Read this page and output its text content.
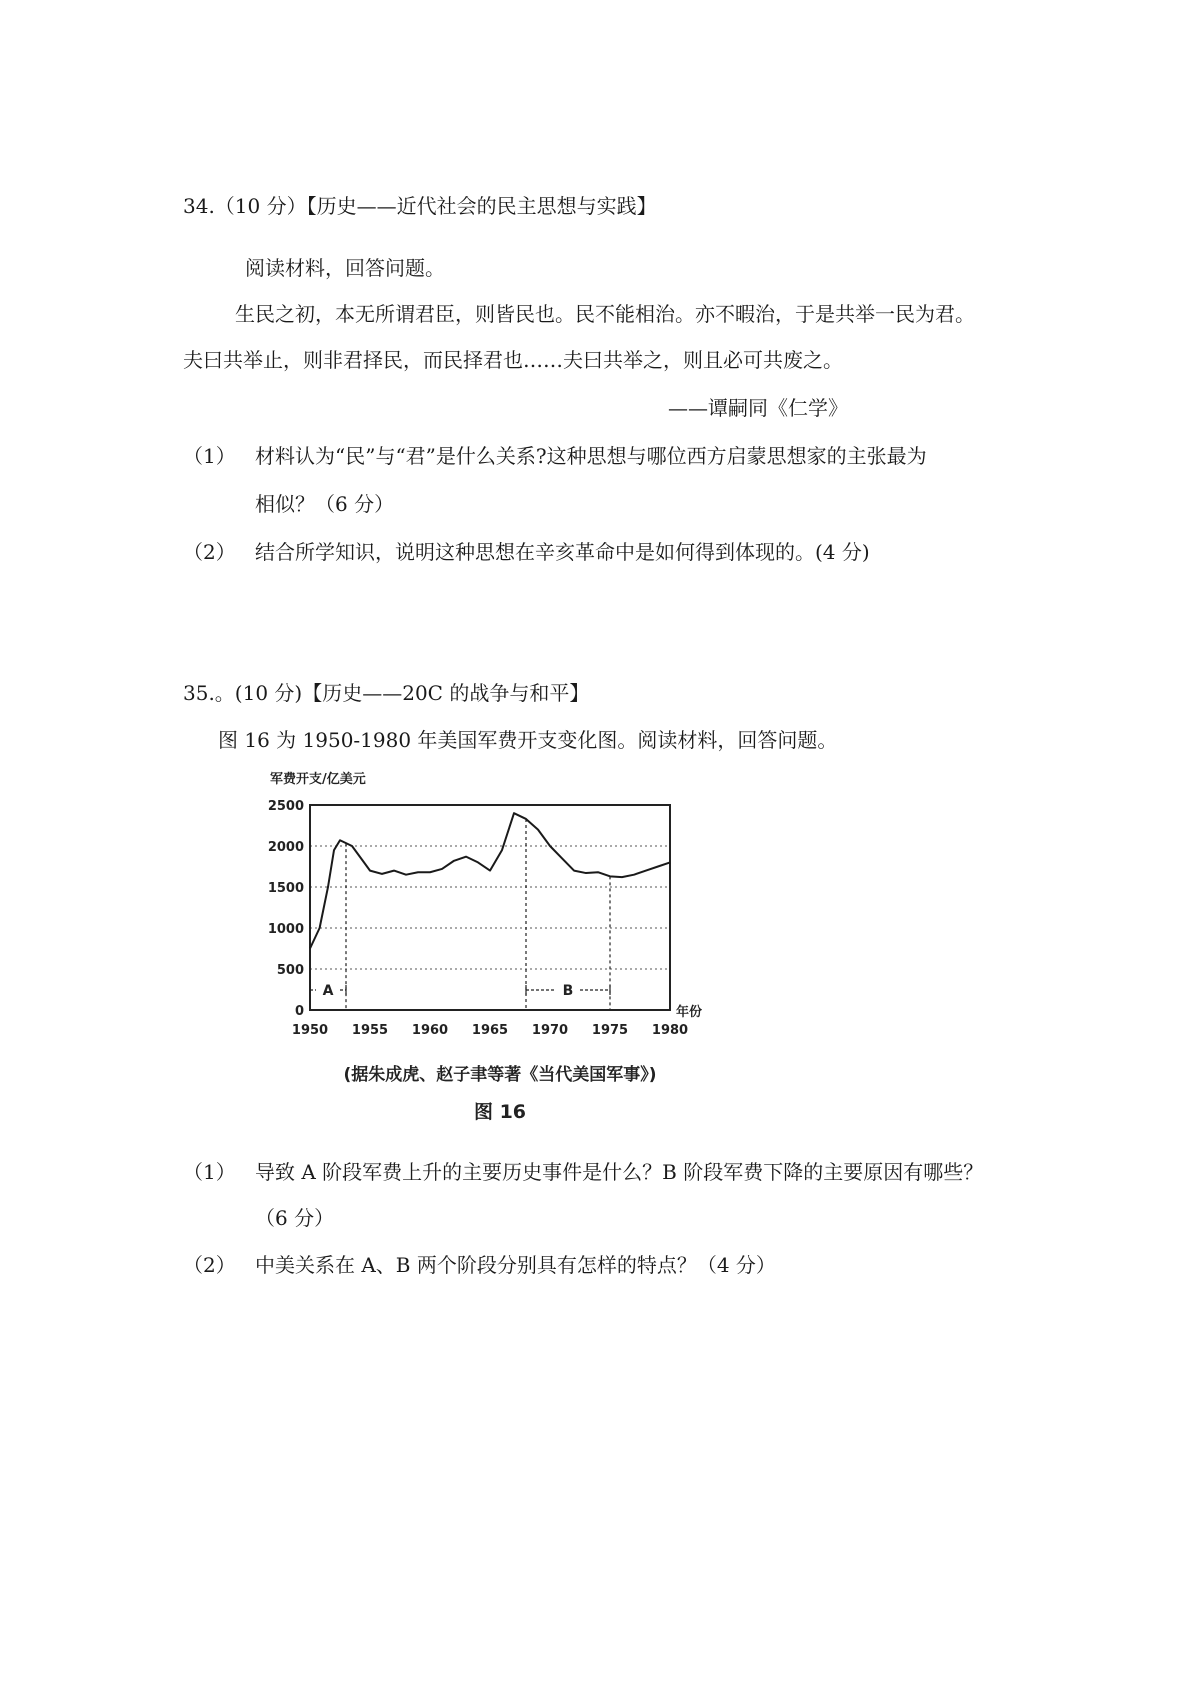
34.（10 分）【历史——近代社会的民主思想与实践】
阅读材料，回答问题。
生民之初，本无所谓君臣，则皆民也。民不能相治。亦不暇治，于是共举一民为君。
夫曰共举止，则非君择民，而民择君也……夫曰共举之，则且必可共废之。
——谭嗣同《仁学》
（1） 材料认为“民”与“君”是什么关系?这种思想与哪位西方启蒙思想家的主张最为
相似？（6 分）
（2） 结合所学知识，说明这种思想在辛亥革命中是如何得到体现的。(4 分)
35.。(10 分)【历史——20C 的战争与和平】
图 16 为 1950-1980 年美国军费开支变化图。阅读材料，回答问题。
0
500
1000
1500
2000
2500
1950 1955 1960 1965 1970 1975 1980
A	B
军费开支/亿美元
年份
(据朱成虎、赵子聿等著《当代美国军事》)
图 16
（1） 导致 A 阶段军费上升的主要历史事件是什么？B 阶段军费下降的主要原因有哪些？
（6 分）
（2） 中美关系在 A、B 两个阶段分别具有怎样的特点？（4 分）
